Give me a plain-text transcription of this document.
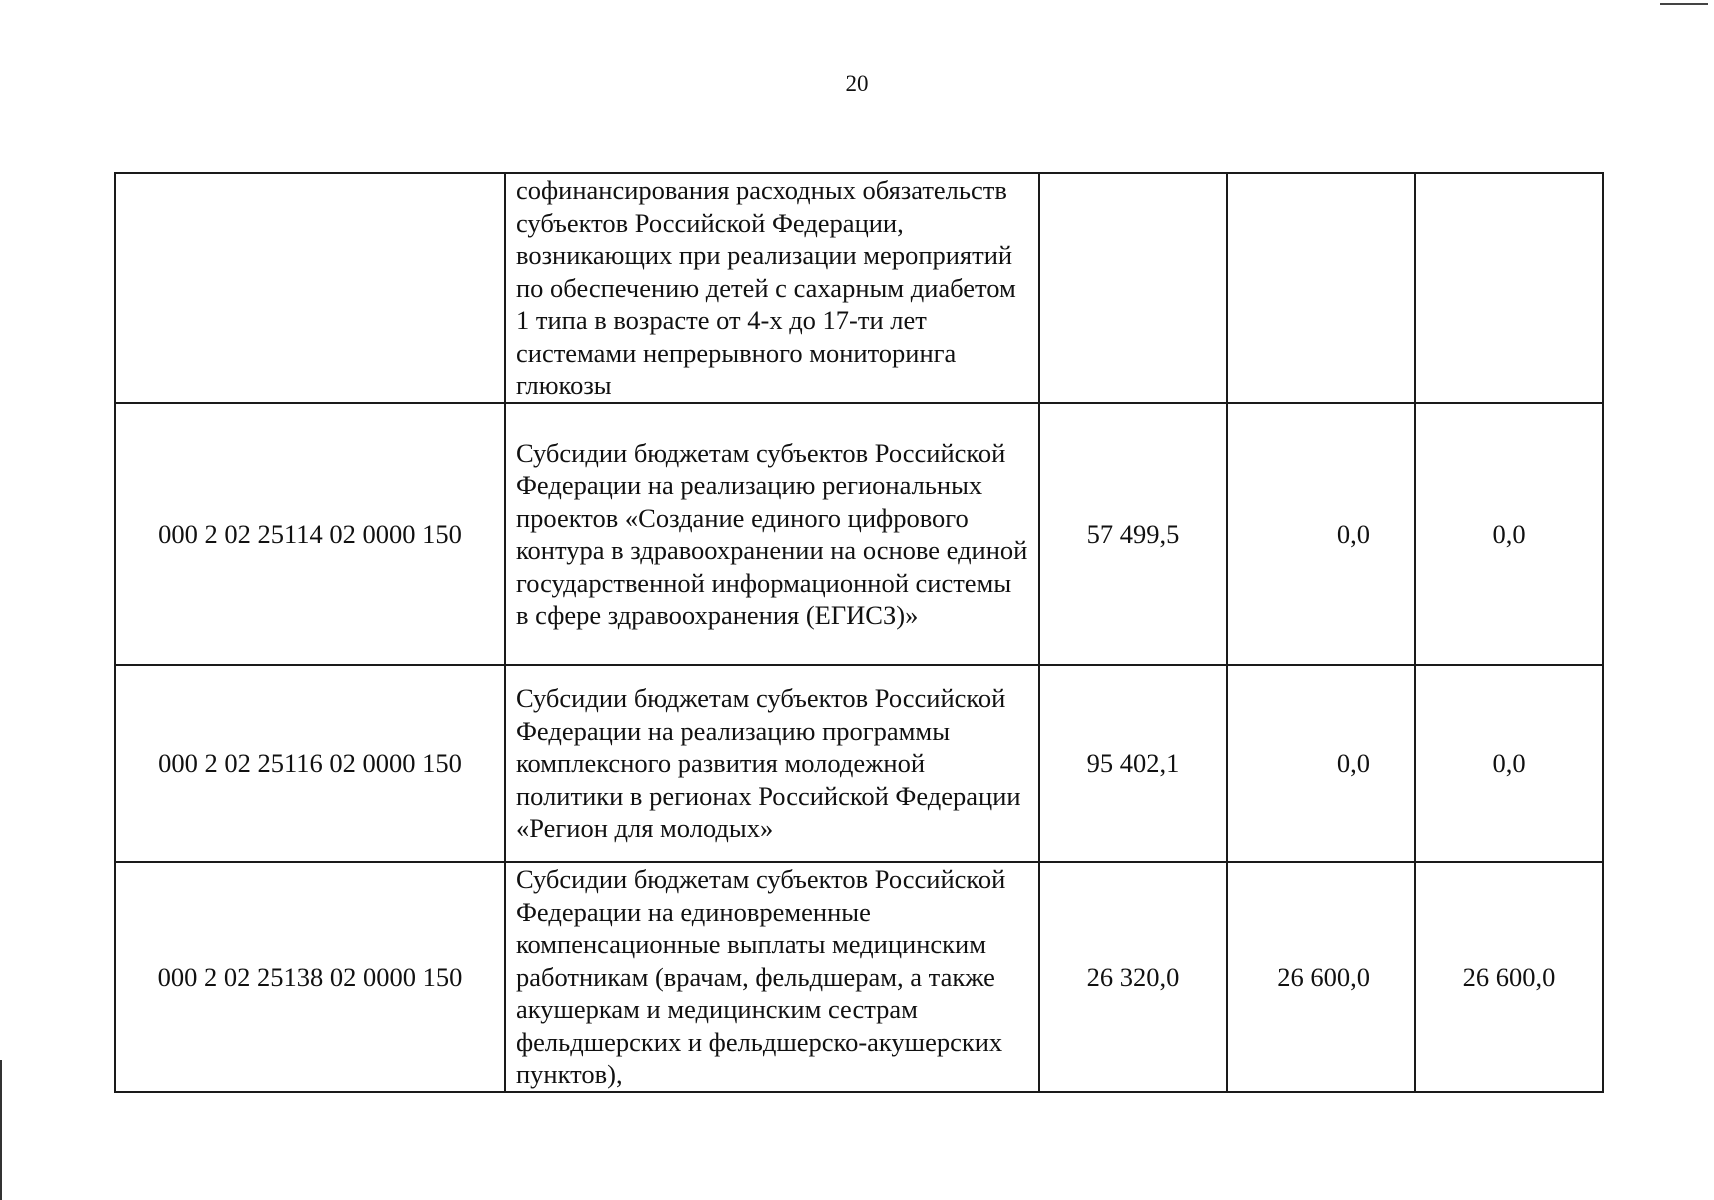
20
	софинансирования расходных обязательств субъектов Российской Федерации, возникающих при реализации мероприятий по обеспечению детей с сахарным диабетом 1 типа в возрасте от 4-х до 17-ти лет системами непрерывного мониторинга глюкозы			
000 2 02 25114 02 0000 150	Субсидии бюджетам субъектов Российской Федерации на реализацию региональных проектов «Создание единого цифрового контура в здравоохранении на основе единой государственной информационной системы в сфере здравоохранения (ЕГИСЗ)»	57 499,5	0,0	0,0
000 2 02 25116 02 0000 150	Субсидии бюджетам субъектов Российской Федерации на реализацию программы комплексного развития молодежной политики в регионах Российской Федерации «Регион для молодых»	95 402,1	0,0	0,0
000 2 02 25138 02 0000 150	Субсидии бюджетам субъектов Российской Федерации на единовременные компенсационные выплаты медицинским работникам (врачам, фельдшерам, а также акушеркам и медицинским сестрам фельдшерских и фельдшерско-акушерских пунктов),	26 320,0	26 600,0	26 600,0
